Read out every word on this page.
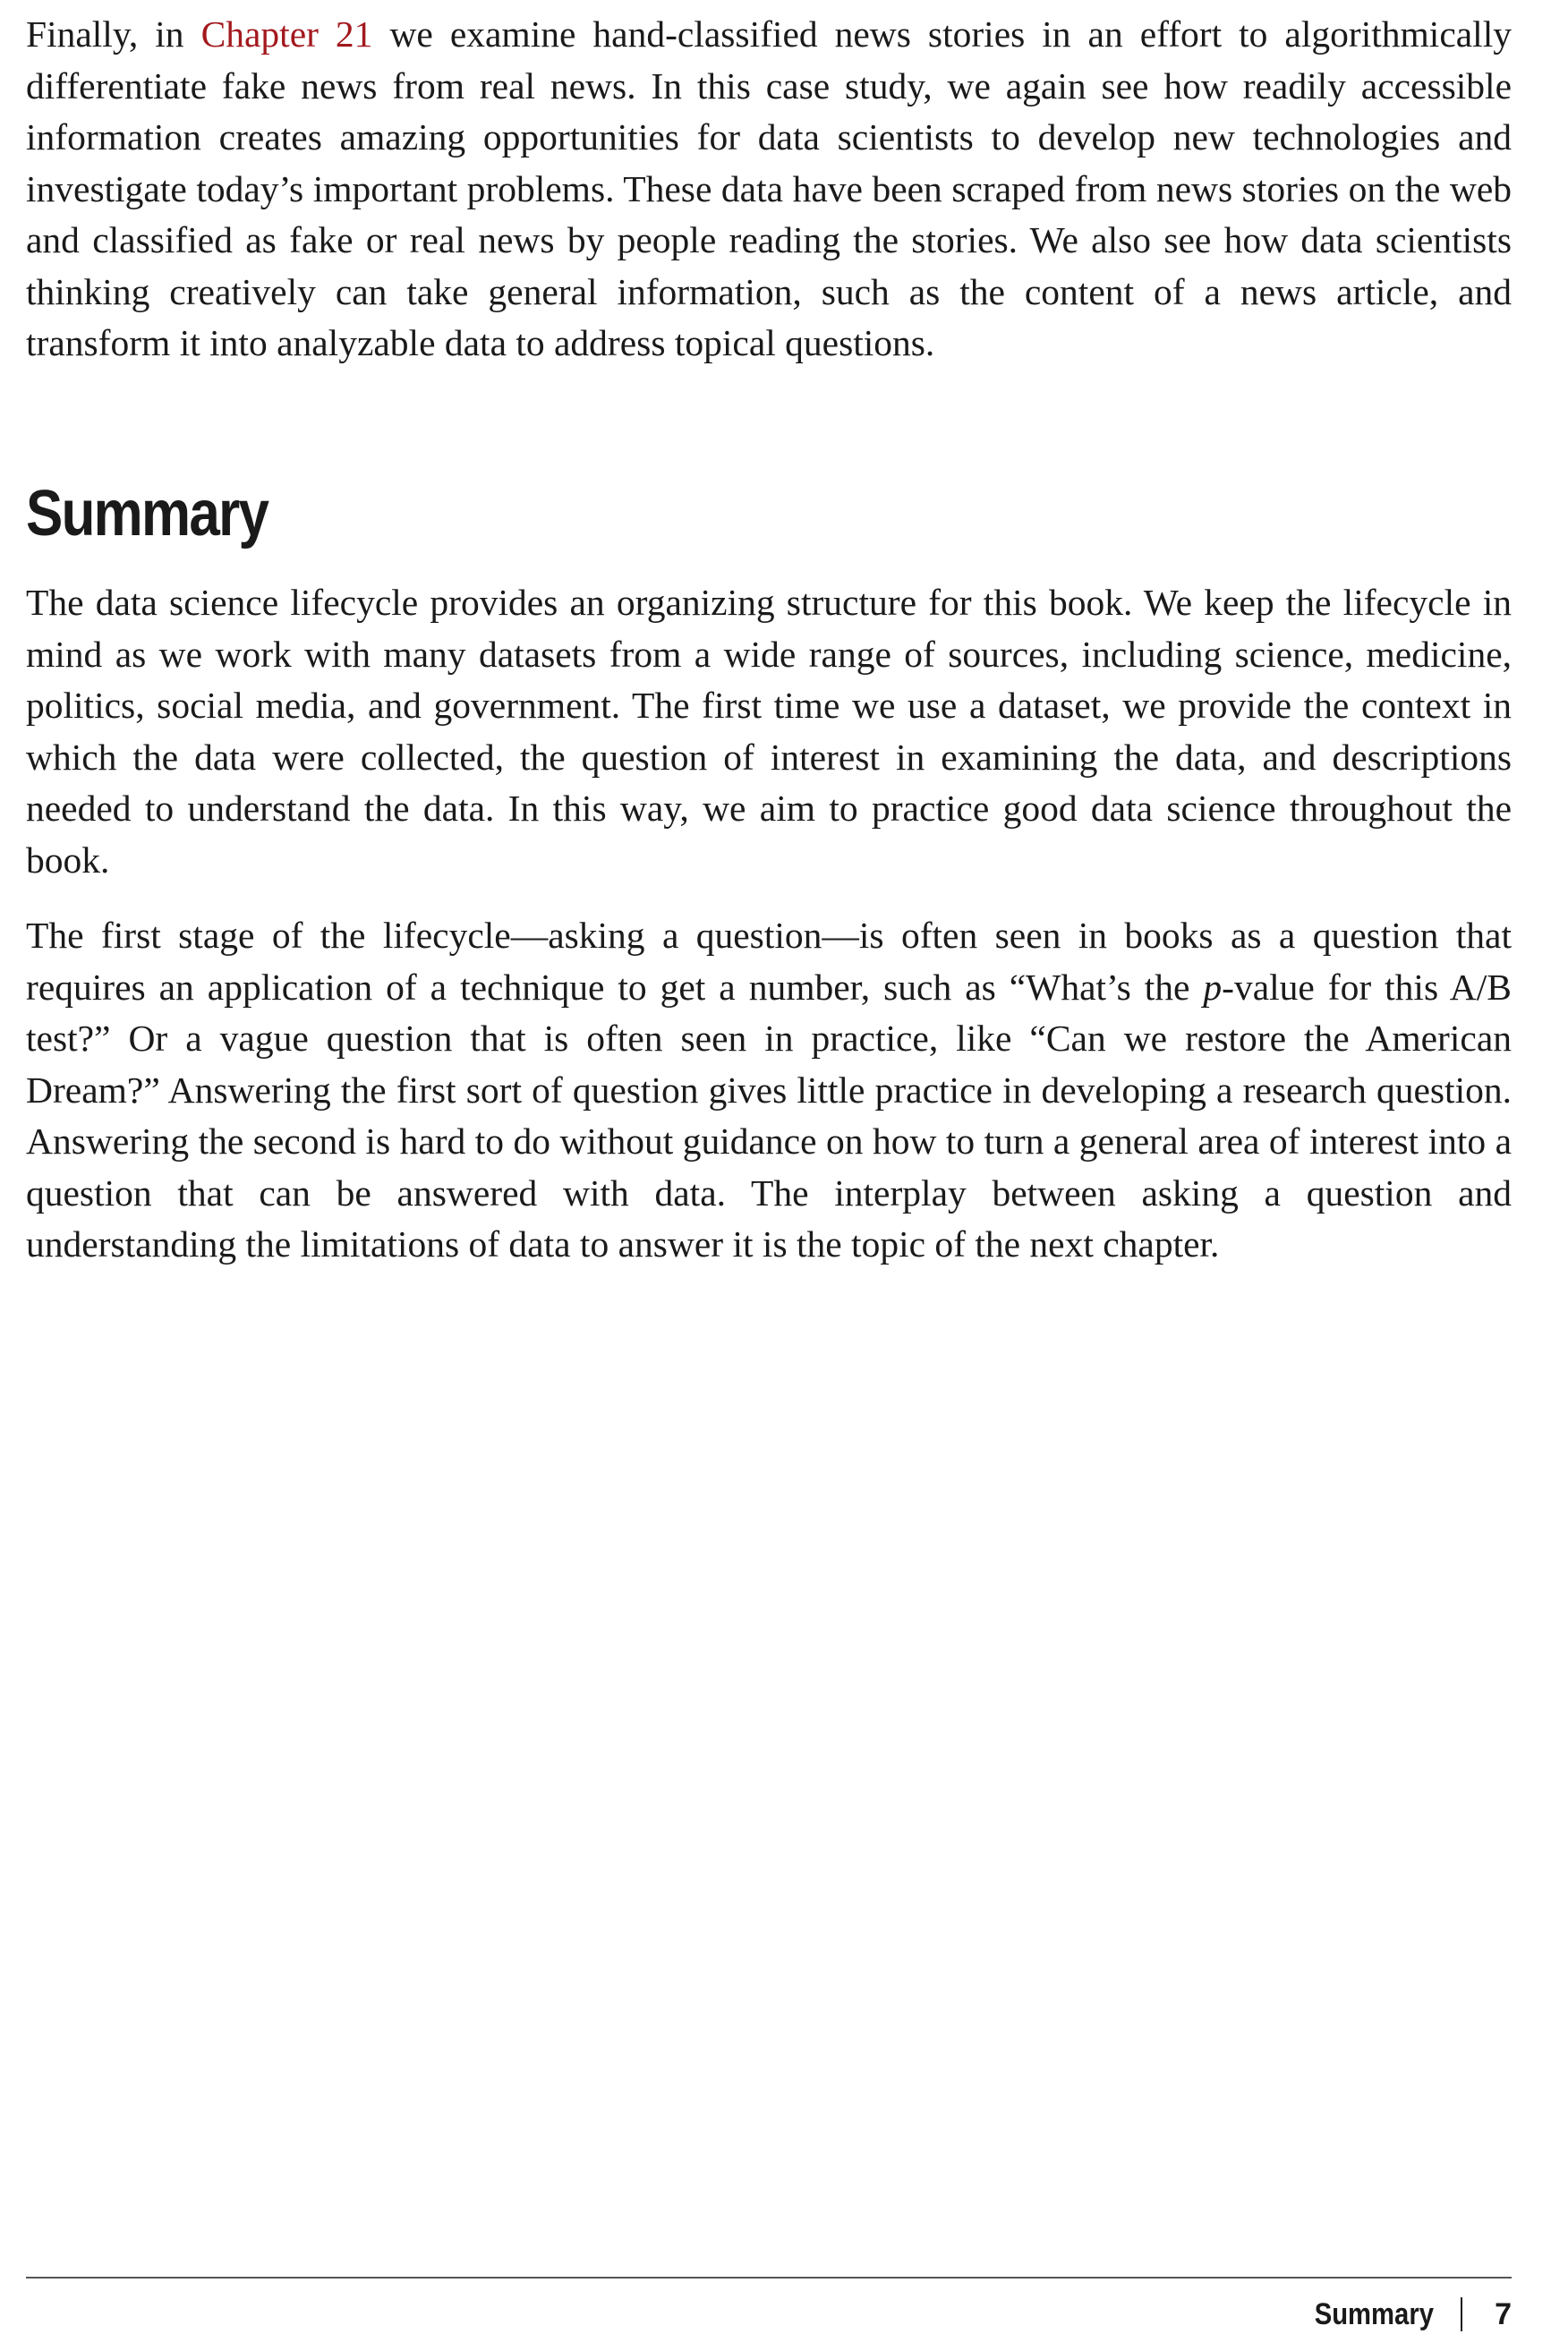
Finally, in Chapter 21 we examine hand-classified news stories in an effort to algorithmically differentiate fake news from real news. In this case study, we again see how readily accessible information creates amazing opportunities for data scientists to develop new technologies and investigate today’s important problems. These data have been scraped from news stories on the web and classified as fake or real news by people reading the stories. We also see how data scientists thinking creatively can take general information, such as the content of a news article, and transform it into analyzable data to address topical questions.

Summary

The data science lifecycle provides an organizing structure for this book. We keep the lifecycle in mind as we work with many datasets from a wide range of sources, including science, medicine, politics, social media, and government. The first time we use a dataset, we provide the context in which the data were collected, the question of interest in examining the data, and descriptions needed to understand the data. In this way, we aim to practice good data science throughout the book.

The first stage of the lifecycle—asking a question—is often seen in books as a question that requires an application of a technique to get a number, such as “What’s the p-value for this A/B test?” Or a vague question that is often seen in practice, like “Can we restore the American Dream?” Answering the first sort of question gives little practice in developing a research question. Answering the second is hard to do without guidance on how to turn a general area of interest into a question that can be answered with data. The interplay between asking a question and understanding the limitations of data to answer it is the topic of the next chapter.

Summary 7
